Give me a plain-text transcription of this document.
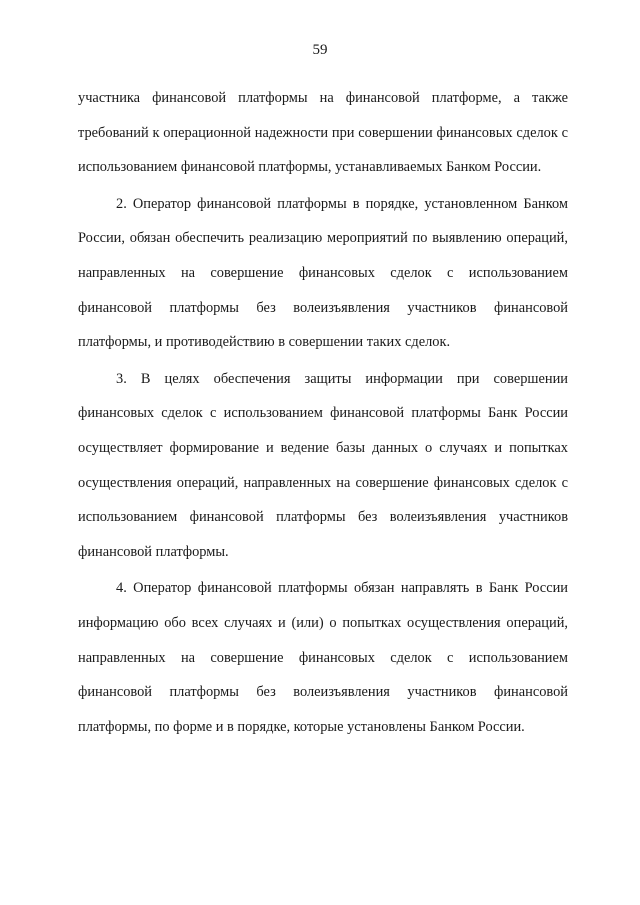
59

участника финансовой платформы на финансовой платформе, а также требований к операционной надежности при совершении финансовых сделок с использованием финансовой платформы, устанавливаемых Банком России.

2. Оператор финансовой платформы в порядке, установленном Банком России, обязан обеспечить реализацию мероприятий по выявлению операций, направленных на совершение финансовых сделок с использованием финансовой платформы без волеизъявления участников финансовой платформы, и противодействию в совершении таких сделок.

3. В целях обеспечения защиты информации при совершении финансовых сделок с использованием финансовой платформы Банк России осуществляет формирование и ведение базы данных о случаях и попытках осуществления операций, направленных на совершение финансовых сделок с использованием финансовой платформы без волеизъявления участников финансовой платформы.

4. Оператор финансовой платформы обязан направлять в Банк России информацию обо всех случаях и (или) о попытках осуществления операций, направленных на совершение финансовых сделок с использованием финансовой платформы без волеизъявления участников финансовой платформы, по форме и в порядке, которые установлены Банком России.
